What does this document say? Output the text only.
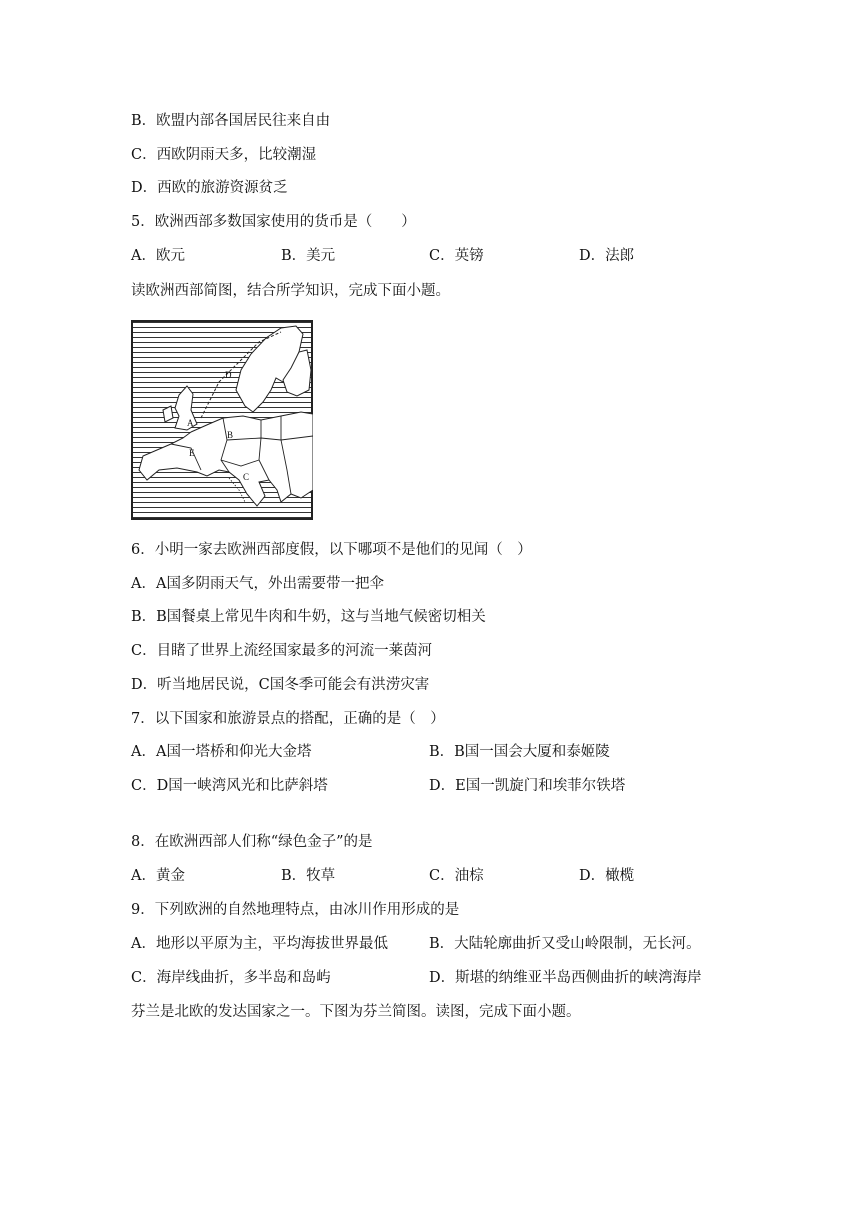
B．欧盟内部各国居民往来自由
C．西欧阴雨天多，比较潮湿
D．西欧的旅游资源贫乏
5．欧洲西部多数国家使用的货币是（　　）
A．欧元	B．美元	C．英镑	D．法郎
读欧洲西部简图，结合所学知识，完成下面小题。
A
B
C
D
E
6．小明一家去欧洲西部度假，以下哪项不是他们的见闻（　）
A．A国多阴雨天气，外出需要带一把伞
B．B国餐桌上常见牛肉和牛奶，这与当地气候密切相关
C．目睹了世界上流经国家最多的河流一莱茵河
D．听当地居民说，C国冬季可能会有洪涝灾害
7．以下国家和旅游景点的搭配，正确的是（　）
A．A国一塔桥和仰光大金塔	B．B国一国会大厦和泰姬陵
C．D国一峡湾风光和比萨斜塔	D．E国一凯旋门和埃菲尔铁塔
8．在欧洲西部人们称“绿色金子”的是
A．黄金	B．牧草	C．油棕	D．橄榄
9．下列欧洲的自然地理特点，由冰川作用形成的是
A．地形以平原为主，平均海拔世界最低	B．大陆轮廓曲折又受山岭限制，无长河。
C．海岸线曲折，多半岛和岛屿	D．斯堪的纳维亚半岛西侧曲折的峡湾海岸
芬兰是北欧的发达国家之一。下图为芬兰简图。读图，完成下面小题。
